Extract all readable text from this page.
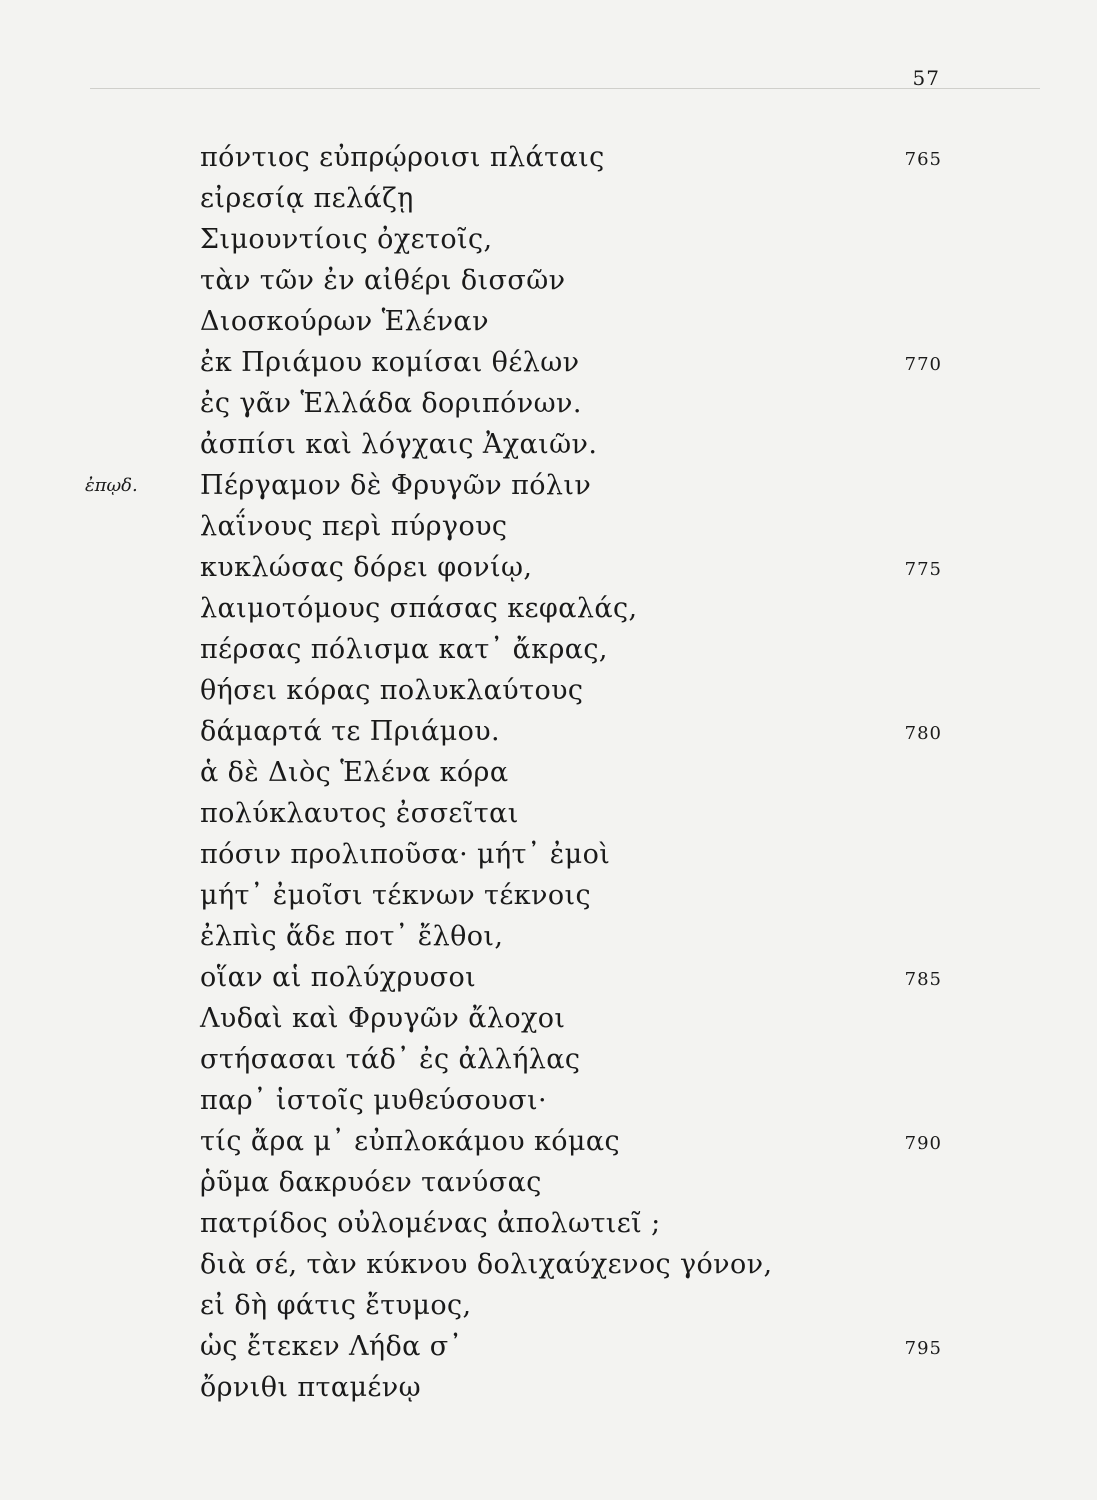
57
πόντιος εὐπρῴροισι πλάταις
εἰρεσίᾳ πελάζῃ
Σιμουντίοις ὀχετοῖς,
τὰν τῶν ἐν αἰθέρι δισσῶν
Διοσκούρων Ἑλέναν
ἐκ Πριάμου κομίσαι θέλων
ἐς γᾶν Ἑλλάδα δοριπόνων.
ἀσπίσι καὶ λόγχαις Ἀχαιῶν.
Πέργαμον δὲ Φρυγῶν πόλιν
λαΐνους περὶ πύργους
κυκλώσας δόρει φονίῳ,
λαιμοτόμους σπάσας κεφαλάς,
πέρσας πόλισμα κατ᾽ ἄκρας,
θήσει κόρας πολυκλαύτους
δάμαρτά τε Πριάμου.
ἁ δὲ Διὸς Ἑλένα κόρα
πολύκλαυτος ἐσσεῖται
πόσιν προλιποῦσα· μήτ᾽ ἐμοὶ
μήτ᾽ ἐμοῖσι τέκνων τέκνοις
ἐλπὶς ἅδε ποτ᾽ ἔλθοι,
οἵαν αἱ πολύχρυσοι
Λυδαὶ καὶ Φρυγῶν ἄλοχοι
στήσασαι τάδ᾽ ἐς ἀλλήλας
παρ᾽ ἱστοῖς μυθεύσουσι·
τίς ἄρα μ᾽ εὐπλοκάμου κόμας
ῥῦμα δακρυόεν τανύσας
πατρίδος οὐλομένας ἀπολωτιεῖ ;
διὰ σέ, τὰν κύκνου δολιχαύχενος γόνον,
εἰ δὴ φάτις ἔτυμος,
ὡς ἔτεκεν Λήδα σ᾽
ὄρνιθι πταμένῳ
765
770
775
780
785
790
795
ἐπῳδ.
